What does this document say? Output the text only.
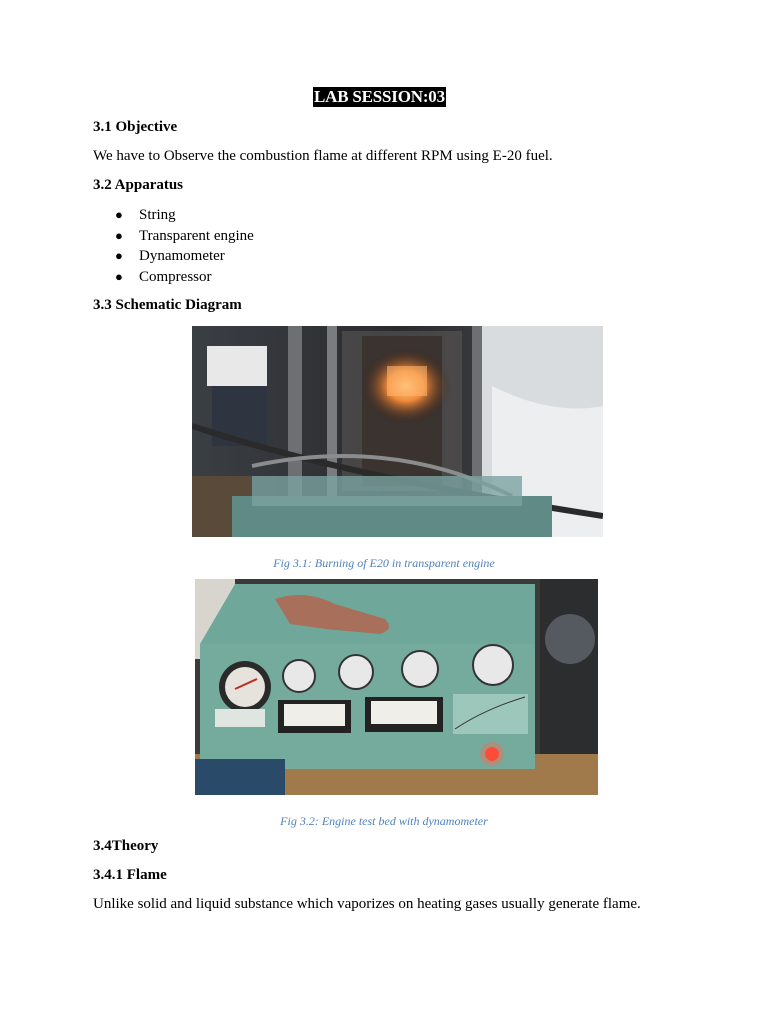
LAB SESSION:03
3.1 Objective
We have to Observe the combustion flame at different RPM using E-20 fuel.
3.2 Apparatus
● String
● Transparent engine
● Dynamometer
● Compressor
3.3 Schematic Diagram
Fig 3.1: Burning of E20 in transparent engine
Fig 3.2: Engine test bed with dynamometer
3.4Theory
3.4.1 Flame
Unlike solid and liquid substance which vaporizes on heating gases usually generate flame.
